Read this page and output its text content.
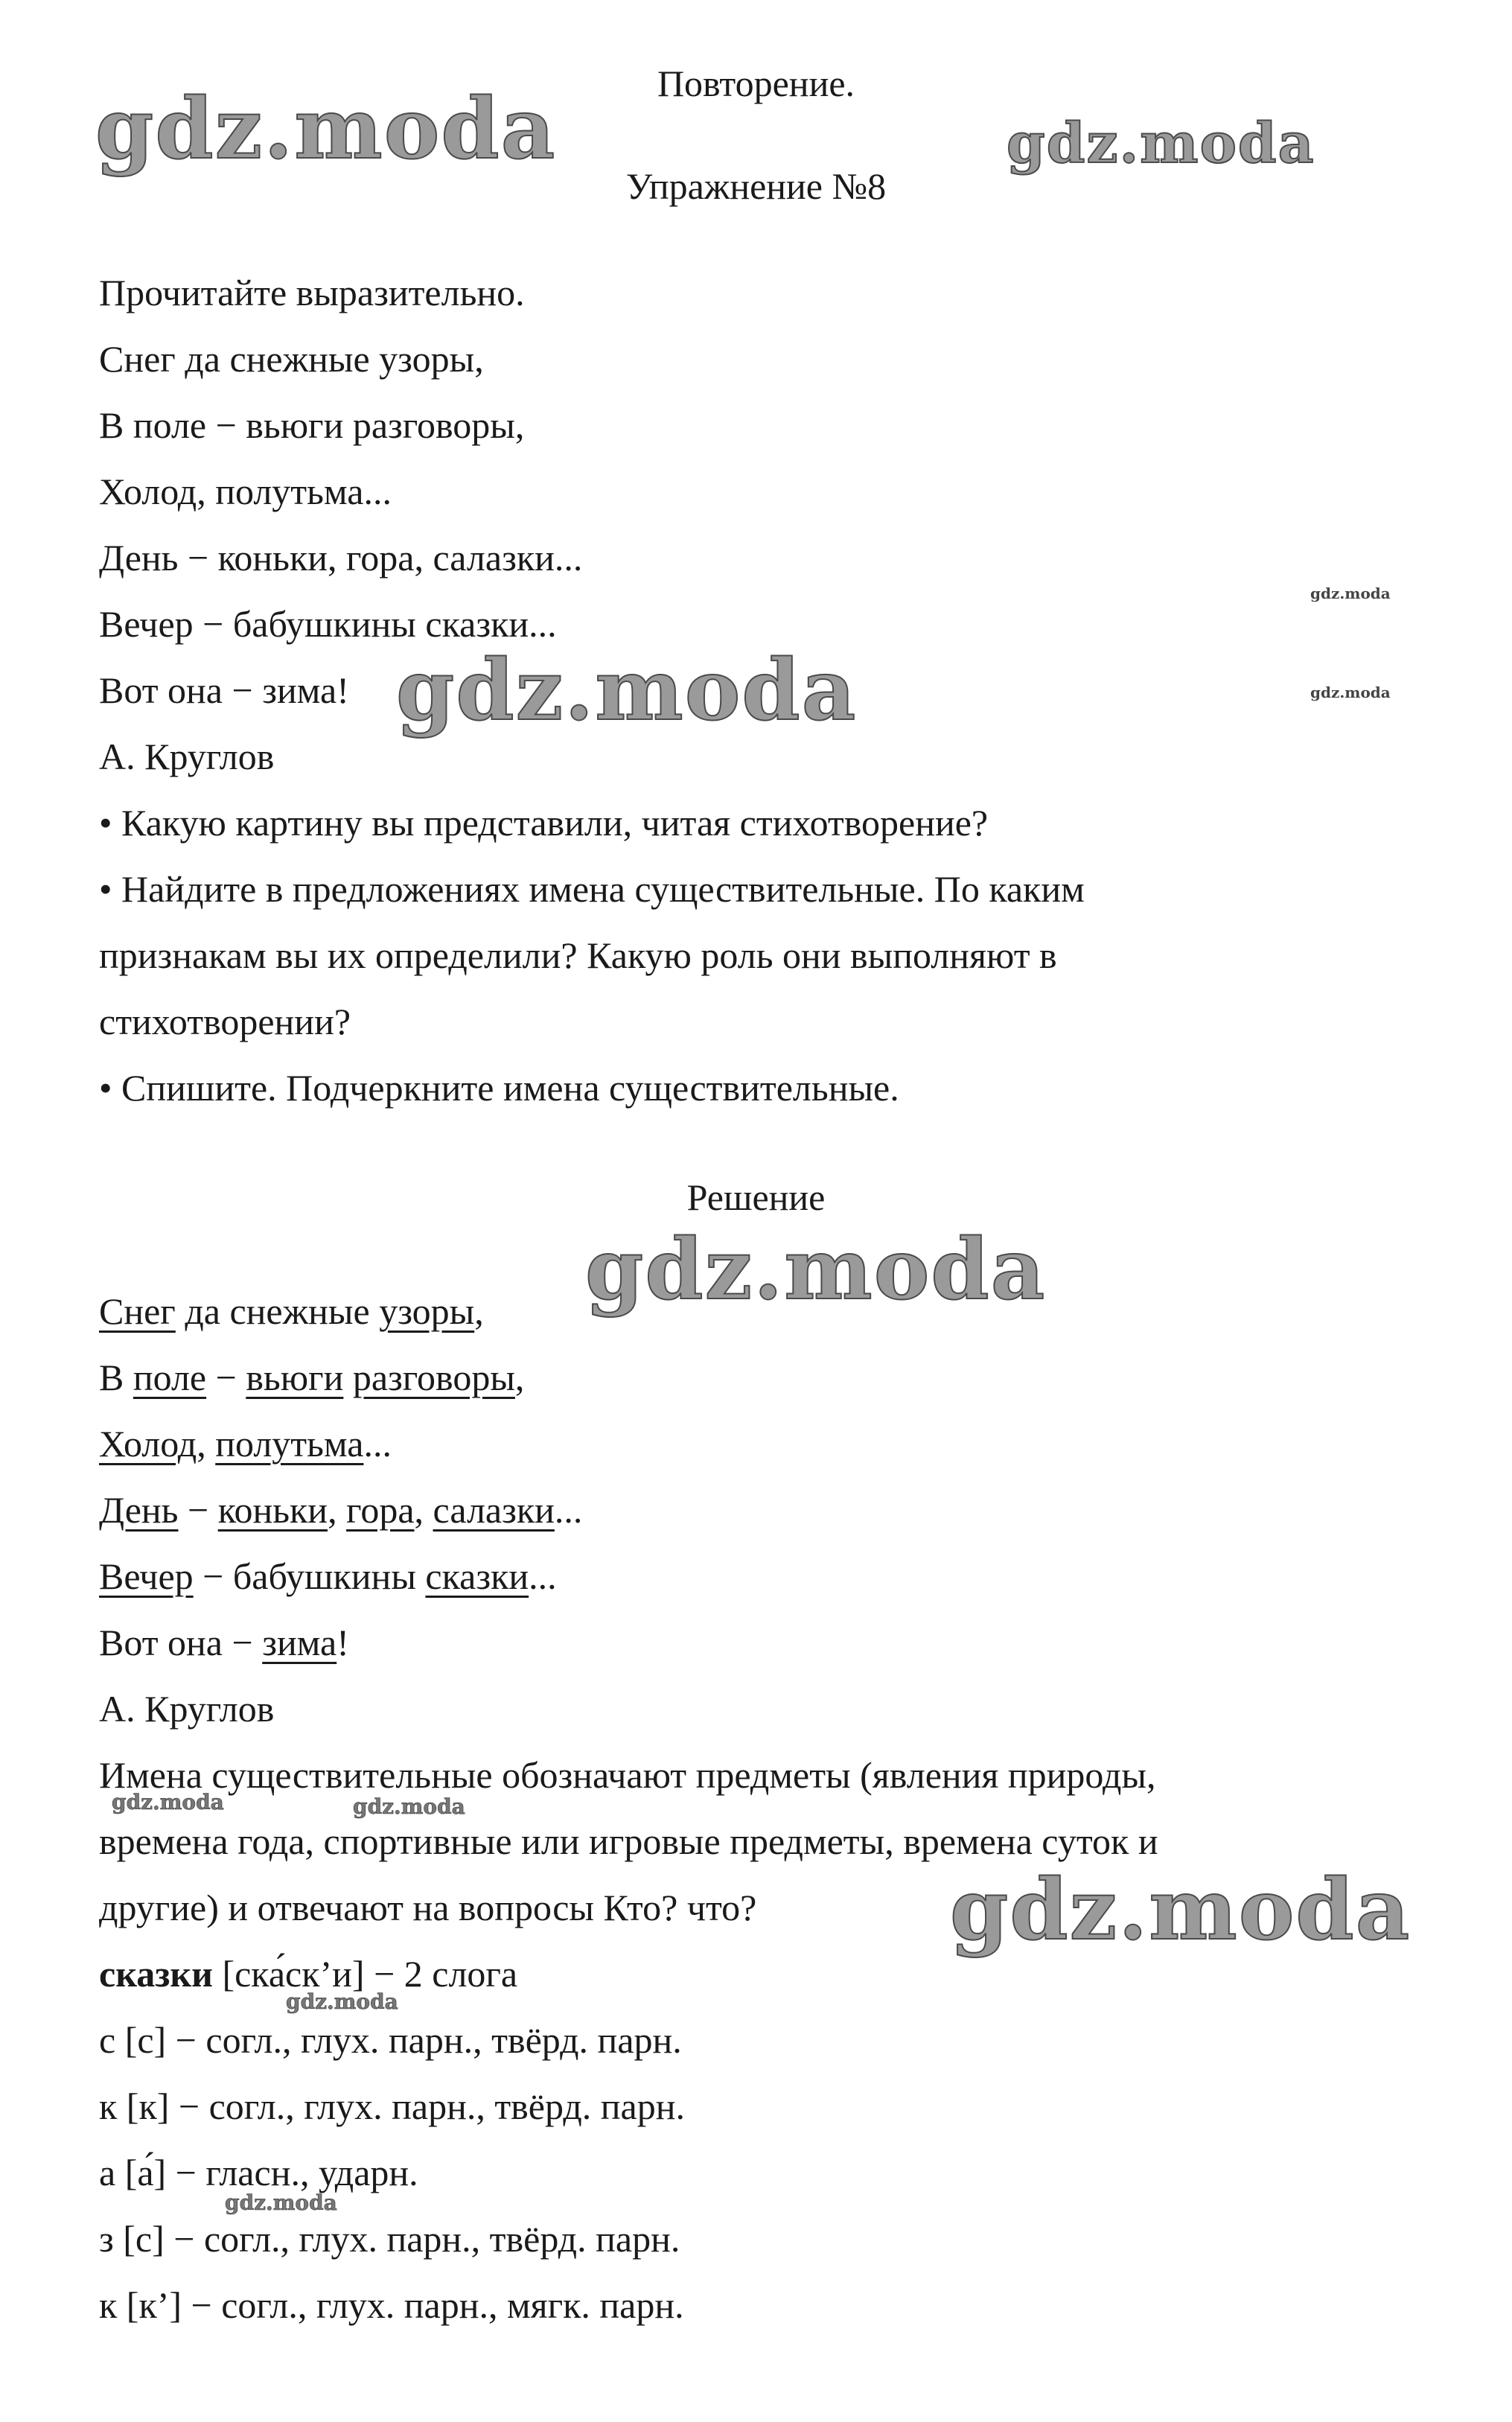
Повторение.

Упражнение №8

Прочитайте выразительно.

Снег да снежные узоры,

В поле − вьюги разговоры,

Холод, полутьма...

День − коньки, гора, салазки...

Вечер − бабушкины сказки...

Вот она − зима!

А. Круглов

• Какую картину вы представили, читая стихотворение?

• Найдите в предложениях имена существительные. По каким

признакам вы их определили? Какую роль они выполняют в

стихотворении?

• Спишите. Подчеркните имена существительные.

Решение

Снег да снежные узоры,

В поле − вьюги разговоры,

Холод, полутьма...

День − коньки, гора, салазки...

Вечер − бабушкины сказки...

Вот она − зима!

А. Круглов

Имена существительные обозначают предметы (явления природы,

времена года, спортивные или игровые предметы, времена суток и

другие) и отвечают на вопросы Кто? что?

сказки [ска́ск’и] − 2 слога

с [с] − согл., глух. парн., твёрд. парн.

к [к] − согл., глух. парн., твёрд. парн.

а [а́] − гласн., ударн.

з [с] − согл., глух. парн., твёрд. парн.

к [к’] − согл., глух. парн., мягк. парн.

gdz.moda	gdz.moda
gdz.moda
gdz.moda
gdz.moda
gdz.moda
gdz.moda
gdz.moda	gdz.moda
gdz.moda
gdz.moda
